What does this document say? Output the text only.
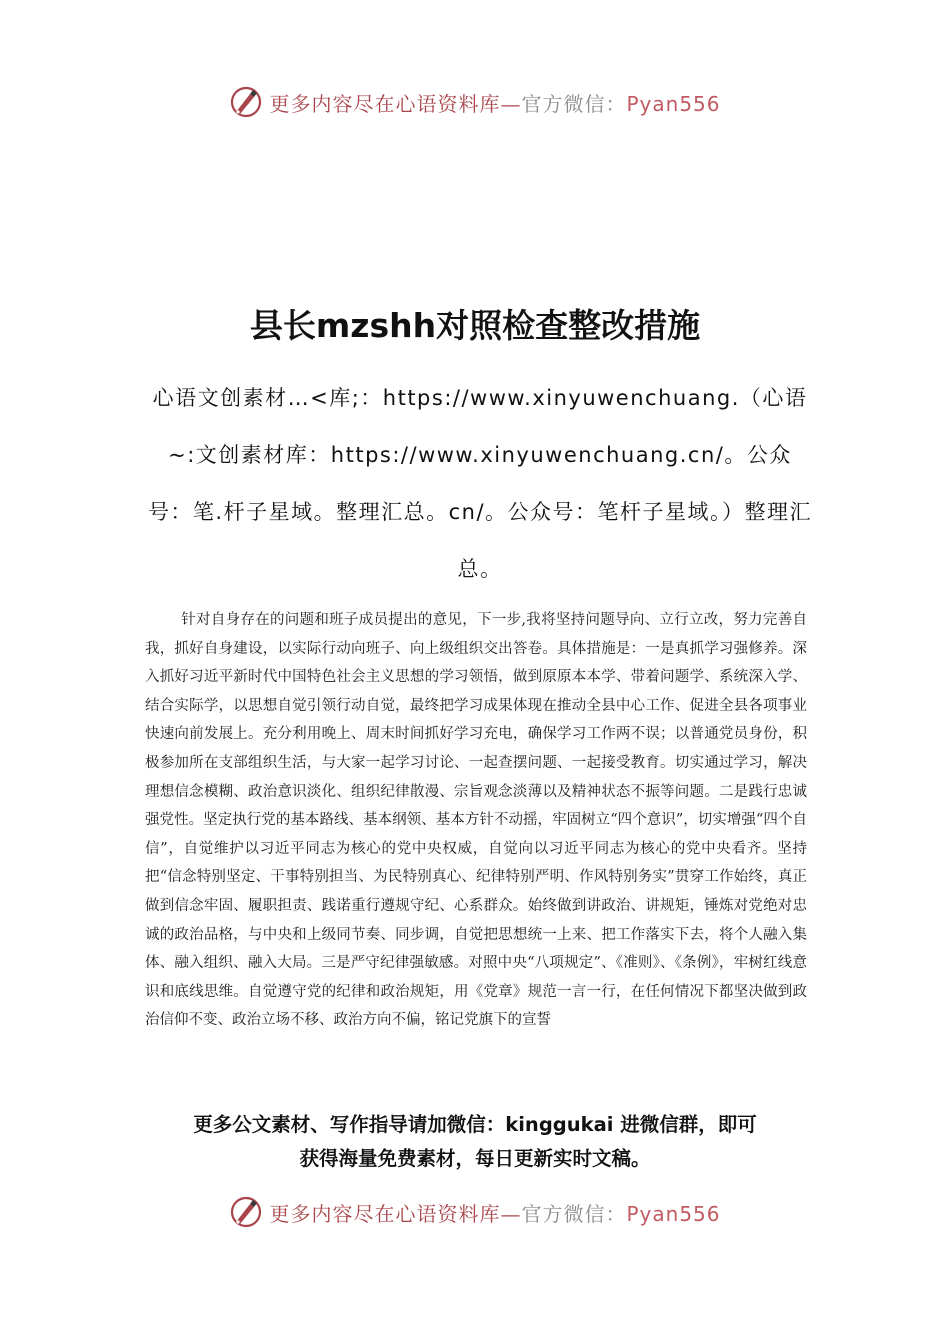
更多内容尽在心语资料库—官方微信：Pyan556
县长mzshh对照检查整改措施

心语文创素材…<库;：https://www.xinyuwenchuang.（心语~:文创素材库：https://www.xinyuwenchuang.cn/。公众号：笔.杆子星域。整理汇总。cn/。公众号：笔杆子星域。）整理汇总。

针对自身存在的问题和班子成员提出的意见，下一步,我将坚持问题导向、立行立改，努力完善自我，抓好自身建设，以实际行动向班子、向上级组织交出答卷。具体措施是：一是真抓学习强修养。深入抓好习近平新时代中国特色社会主义思想的学习领悟，做到原原本本学、带着问题学、系统深入学、结合实际学，以思想自觉引领行动自觉，最终把学习成果体现在推动全县中心工作、促进全县各项事业快速向前发展上。充分利用晚上、周末时间抓好学习充电，确保学习工作两不误；以普通党员身份，积极参加所在支部组织生活，与大家一起学习讨论、一起查摆问题、一起接受教育。切实通过学习，解决理想信念模糊、政治意识淡化、组织纪律散漫、宗旨观念淡薄以及精神状态不振等问题。二是践行忠诚强党性。坚定执行党的基本路线、基本纲领、基本方针不动摇，牢固树立“四个意识”，切实增强“四个自信”，自觉维护以习近平同志为核心的党中央权威，自觉向以习近平同志为核心的党中央看齐。坚持把“信念特别坚定、干事特别担当、为民特别真心、纪律特别严明、作风特别务实”贯穿工作始终，真正做到信念牢固、履职担责、践诺重行遵规守纪、心系群众。始终做到讲政治、讲规矩，锤炼对党绝对忠诚的政治品格，与中央和上级同节奏、同步调，自觉把思想统一上来、把工作落实下去，将个人融入集体、融入组织、融入大局。三是严守纪律强敏感。对照中央“八项规定”、《准则》、《条例》，牢树红线意识和底线思维。自觉遵守党的纪律和政治规矩，用《党章》规范一言一行，在任何情况下都坚决做到政治信仰不变、政治立场不移、政治方向不偏，铭记党旗下的宣誓

更多公文素材、写作指导请加微信：kinggukai 进微信群，即可
获得海量免费素材，每日更新实时文稿。
更多内容尽在心语资料库—官方微信：Pyan556
